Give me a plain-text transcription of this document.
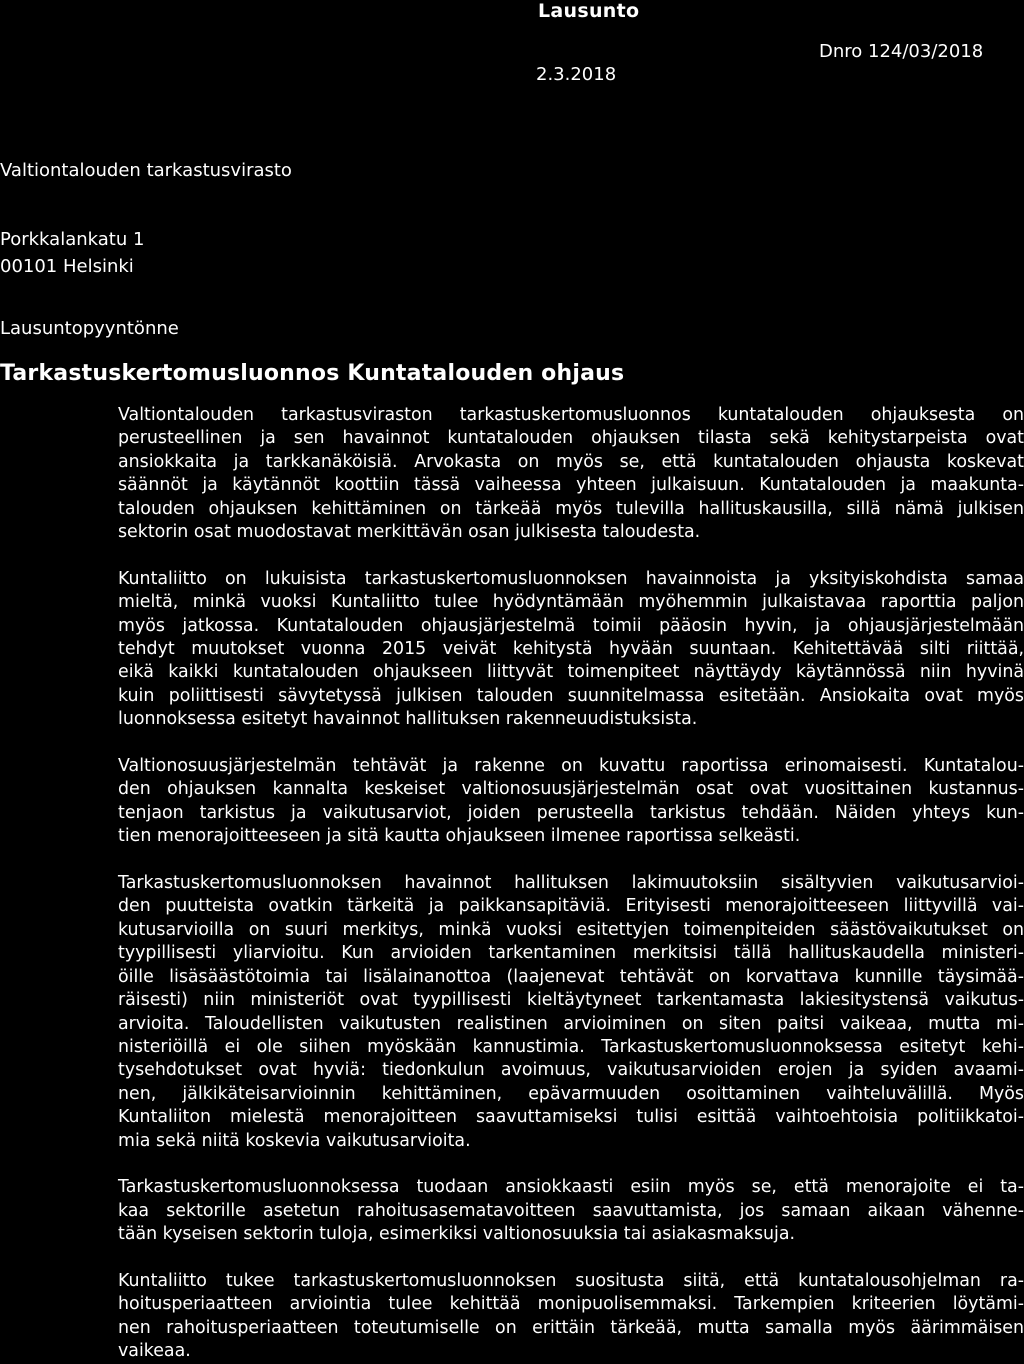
Lausunto
Dnro 124/03/2018
2.3.2018
Valtiontalouden tarkastusvirasto
Porkkalankatu 1
00101 Helsinki
Lausuntopyyntönne
Tarkastuskertomusluonnos Kuntatalouden ohjaus
Valtiontalouden tarkastusviraston tarkastuskertomusluonnos kuntatalouden ohjauksesta on
perusteellinen ja sen havainnot kuntatalouden ohjauksen tilasta sekä kehitystarpeista ovat
ansiokkaita ja tarkkanäköisiä. Arvokasta on myös se, että kuntatalouden ohjausta koskevat
säännöt ja käytännöt koottiin tässä vaiheessa yhteen julkaisuun. Kuntatalouden ja maakunta-
talouden ohjauksen kehittäminen on tärkeää myös tulevilla hallituskausilla, sillä nämä julkisen
sektorin osat muodostavat merkittävän osan julkisesta taloudesta.
Kuntaliitto on lukuisista tarkastuskertomusluonnoksen havainnoista ja yksityiskohdista samaa
mieltä, minkä vuoksi Kuntaliitto tulee hyödyntämään myöhemmin julkaistavaa raporttia paljon
myös jatkossa. Kuntatalouden ohjausjärjestelmä toimii pääosin hyvin, ja ohjausjärjestelmään
tehdyt muutokset vuonna 2015 veivät kehitystä hyvään suuntaan. Kehitettävää silti riittää,
eikä kaikki kuntatalouden ohjaukseen liittyvät toimenpiteet näyttäydy käytännössä niin hyvinä
kuin poliittisesti sävytetyssä julkisen talouden suunnitelmassa esitetään. Ansiokaita ovat myös
luonnoksessa esitetyt havainnot hallituksen rakenneuudistuksista.
Valtionosuusjärjestelmän tehtävät ja rakenne on kuvattu raportissa erinomaisesti. Kuntatalou-
den ohjauksen kannalta keskeiset valtionosuusjärjestelmän osat ovat vuosittainen kustannus-
tenjaon tarkistus ja vaikutusarviot, joiden perusteella tarkistus tehdään. Näiden yhteys kun-
tien menorajoitteeseen ja sitä kautta ohjaukseen ilmenee raportissa selkeästi.
Tarkastuskertomusluonnoksen havainnot hallituksen lakimuutoksiin sisältyvien vaikutusarvioi-
den puutteista ovatkin tärkeitä ja paikkansapitäviä. Erityisesti menorajoitteeseen liittyvillä vai-
kutusarvioilla on suuri merkitys, minkä vuoksi esitettyjen toimenpiteiden säästövaikutukset on
tyypillisesti yliarvioitu. Kun arvioiden tarkentaminen merkitsisi tällä hallituskaudella ministeri-
öille lisäsäästötoimia tai lisälainanottoa (laajenevat tehtävät on korvattava kunnille täysimää-
räisesti) niin ministeriöt ovat tyypillisesti kieltäytyneet tarkentamasta lakiesitystensä vaikutus-
arvioita. Taloudellisten vaikutusten realistinen arvioiminen on siten paitsi vaikeaa, mutta mi-
nisteriöillä ei ole siihen myöskään kannustimia. Tarkastuskertomusluonnoksessa esitetyt kehi-
tysehdotukset ovat hyviä: tiedonkulun avoimuus, vaikutusarvioiden erojen ja syiden avaami-
nen, jälkikäteisarvioinnin kehittäminen, epävarmuuden osoittaminen vaihteluvälillä. Myös
Kuntaliiton mielestä menorajoitteen saavuttamiseksi tulisi esittää vaihtoehtoisia politiikkatoi-
mia sekä niitä koskevia vaikutusarvioita.
Tarkastuskertomusluonnoksessa tuodaan ansiokkaasti esiin myös se, että menorajoite ei ta-
kaa sektorille asetetun rahoitusasematavoitteen saavuttamista, jos samaan aikaan vähenne-
tään kyseisen sektorin tuloja, esimerkiksi valtionosuuksia tai asiakasmaksuja.
Kuntaliitto tukee tarkastuskertomusluonnoksen suositusta siitä, että kuntatalousohjelman ra-
hoitusperiaatteen arviointia tulee kehittää monipuolisemmaksi. Tarkempien kriteerien löytämi-
nen rahoitusperiaatteen toteutumiselle on erittäin tärkeää, mutta samalla myös äärimmäisen
vaikeaa.
